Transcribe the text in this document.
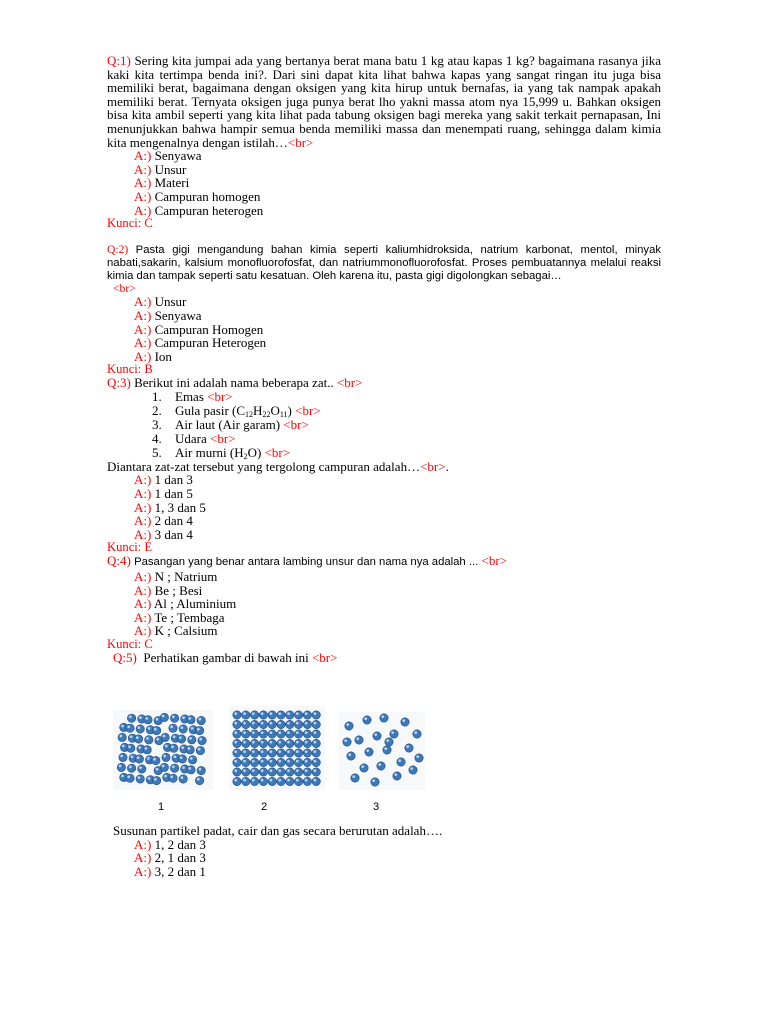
Q:1) Sering kita jumpai ada yang bertanya berat mana batu 1 kg atau kapas 1 kg? bagaimana rasanya jika kaki kita tertimpa benda ini?. Dari sini dapat kita lihat bahwa kapas yang sangat ringan itu juga bisa memiliki berat, bagaimana dengan oksigen yang kita hirup untuk bernafas, ia yang tak nampak apakah memiliki berat. Ternyata oksigen juga punya berat lho yakni massa atom nya 15,999 u. Bahkan oksigen bisa kita ambil seperti yang kita lihat pada tabung oksigen bagi mereka yang sakit terkait pernapasan, Ini menunjukkan bahwa hampir semua benda memiliki massa dan menempati ruang, sehingga dalam kimia kita mengenalnya dengan istilah…<br>
A:) Senyawa
A:) Unsur
A:) Materi
A:) Campuran homogen
A:) Campuran heterogen
Kunci: C
Q:2) Pasta gigi mengandung bahan kimia seperti kaliumhidroksida, natrium karbonat, mentol, minyak nabati,sakarin, kalsium monofluorofosfat, dan natriummonofluorofosfat. Proses pembuatannya melalui reaksi kimia dan tampak seperti satu kesatuan. Oleh karena itu, pasta gigi digolongkan sebagai…
<br>
A:) Unsur
A:) Senyawa
A:) Campuran Homogen
A:) Campuran Heterogen
A:) Ion
Kunci: B
Q:3) Berikut ini adalah nama beberapa zat.. <br>
1.	Emas <br>
2.	Gula pasir $(C_{12}H_{22}O_{11}) <br>$
3.	Air laut (Air garam) <br>
4.	Udara <br>
5.	Air murni $(H_2O) <br>$
Diantara zat-zat tersebut yang tergolong campuran adalah…<br>.
A:) 1 dan 3
A:) 1 dan 5
A:) 1, 3 dan 5
A:) 2 dan 4
A:) 3 dan 4
Kunci: E
Q:4) Pasangan yang benar antara lambing unsur dan nama nya adalah ... <br>
A:) N ; Natrium
A:) Be ; Besi
A:) Al ; Aluminium
A:) Te ; Tembaga
A:) K ; Calsium
Kunci: C
Q:5) Perhatikan gambar di bawah ini <br>
1	2	3
Susunan partikel padat, cair dan gas secara berurutan adalah….
A:) 1, 2 dan 3
A:) 2, 1 dan 3
A:) 3, 2 dan 1
